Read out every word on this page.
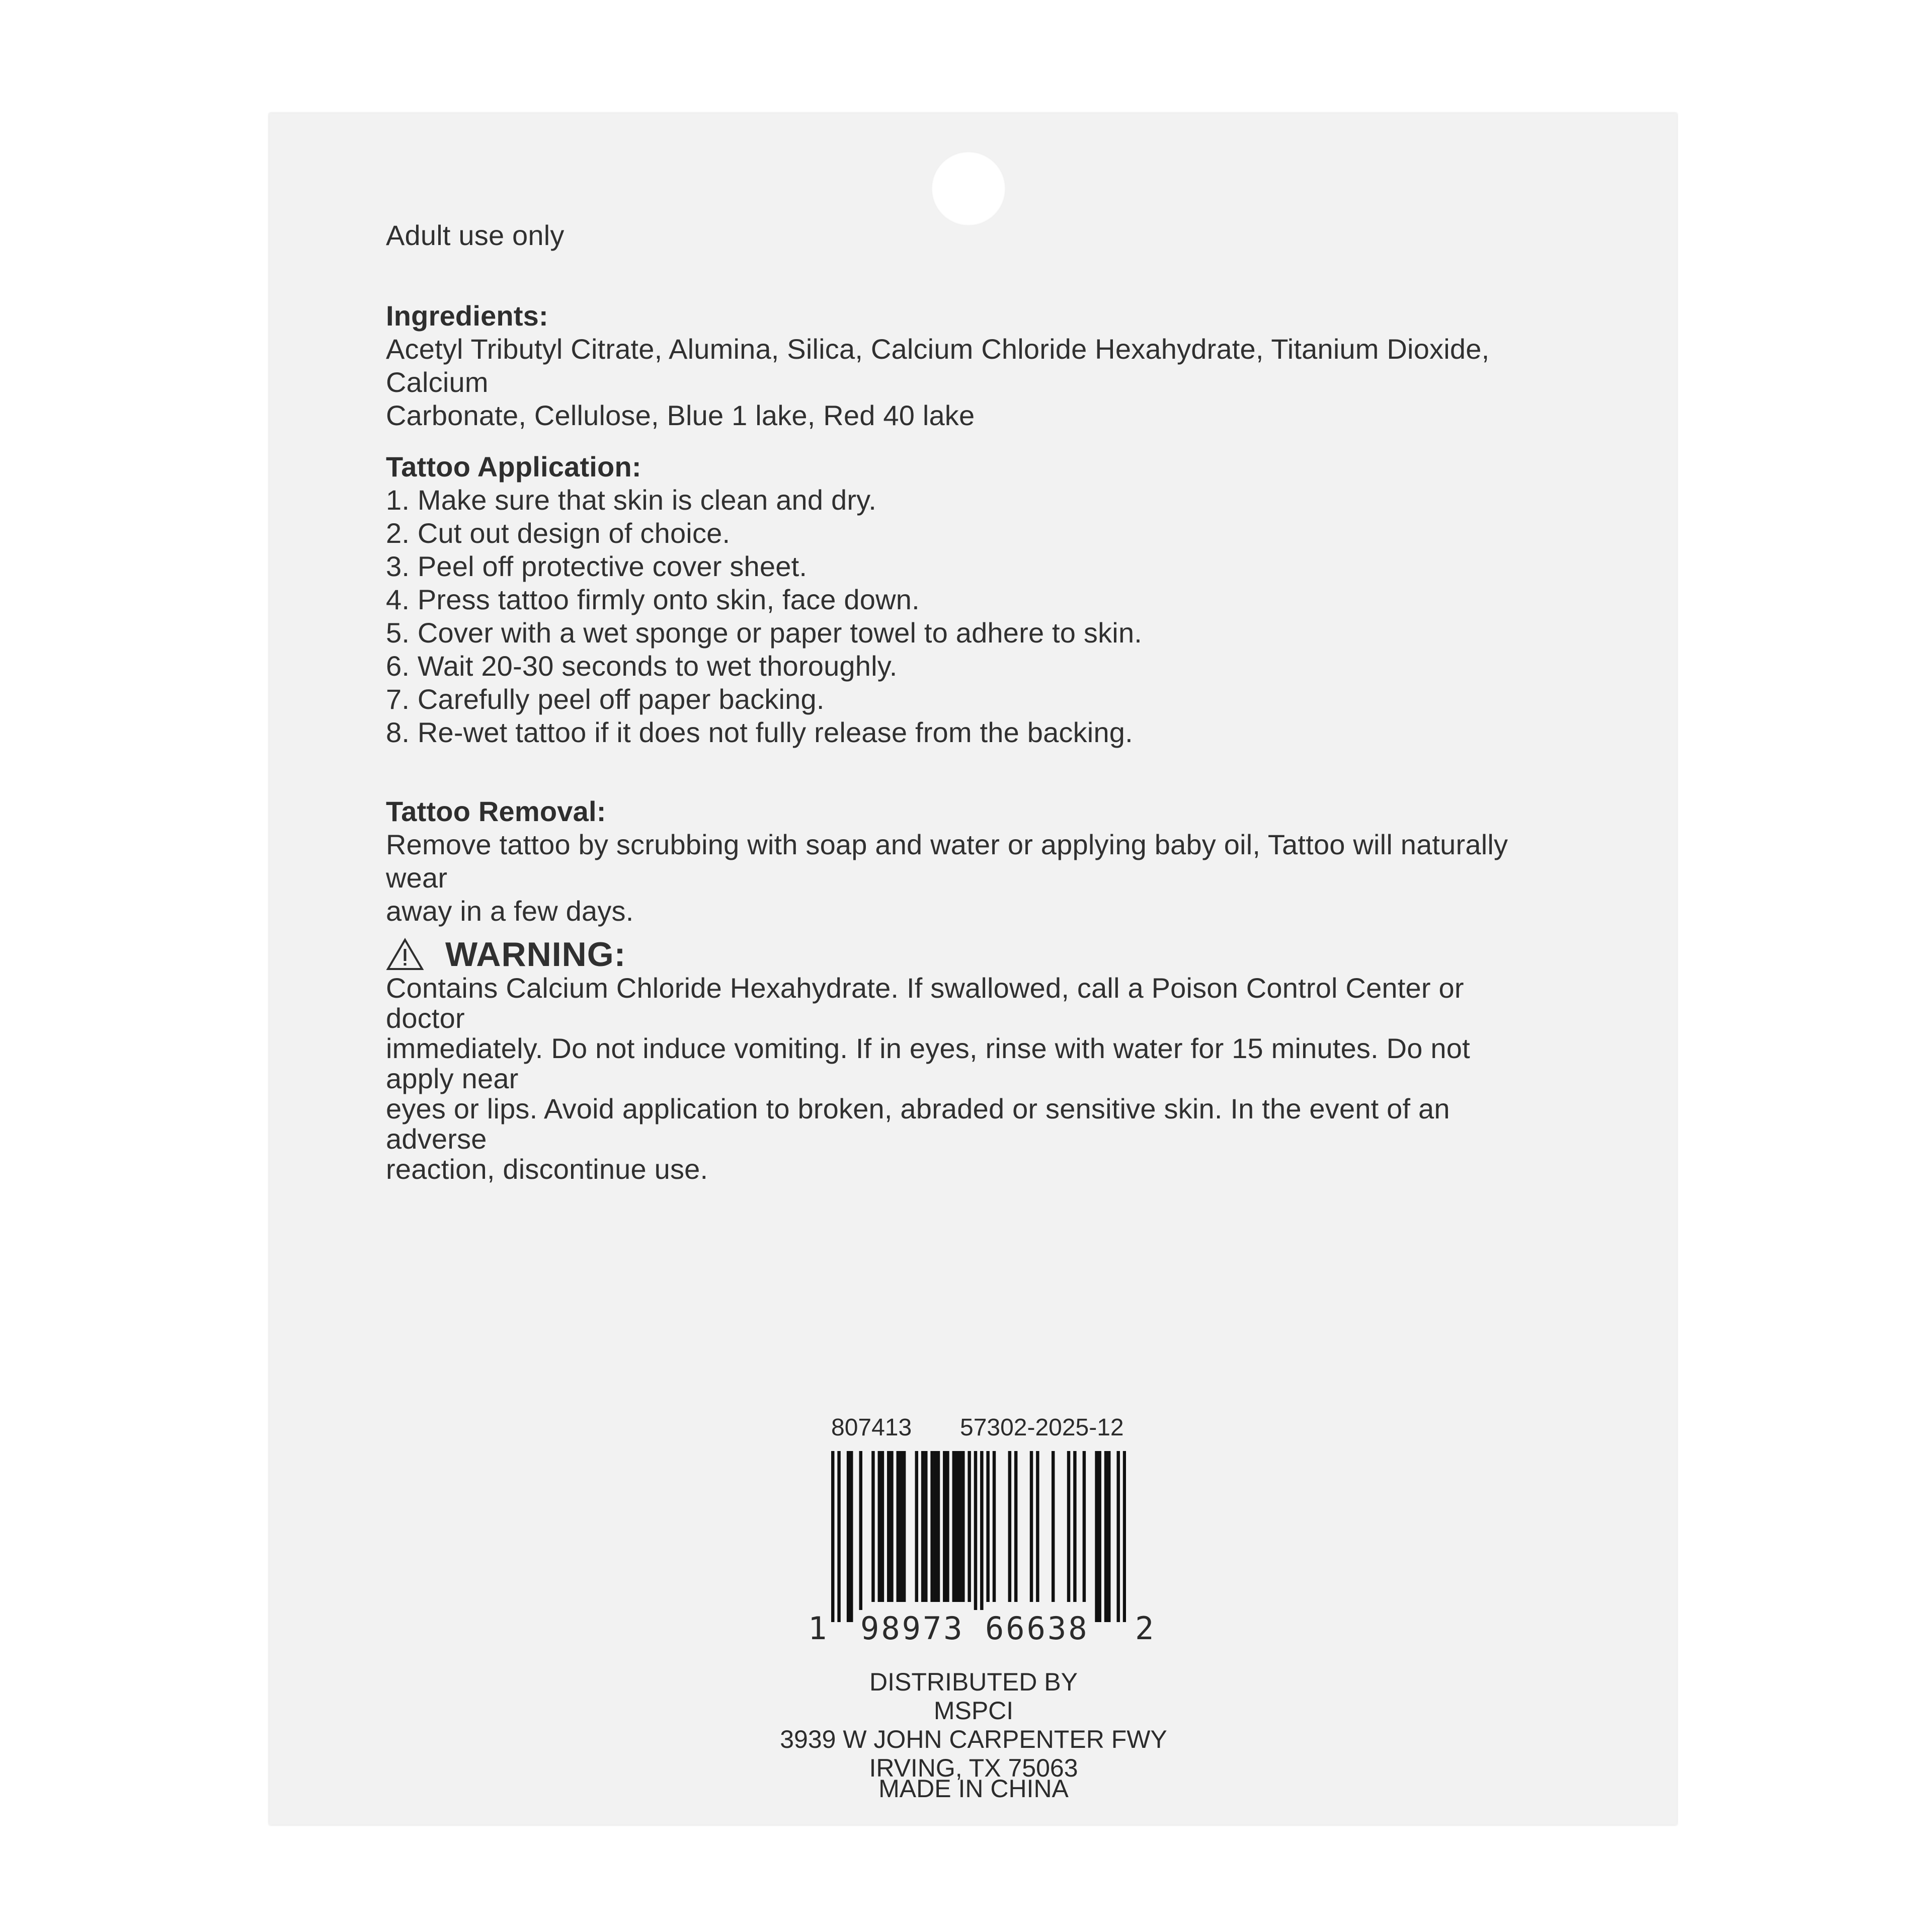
Adult use only
Ingredients:
Acetyl Tributyl Citrate, Alumina, Silica, Calcium Chloride Hexahydrate, Titanium Dioxide, Calcium
Carbonate, Cellulose, Blue 1 lake, Red 40 lake
Tattoo Application:
1. Make sure that skin is clean and dry.
2. Cut out design of choice.
3. Peel off protective cover sheet.
4. Press tattoo firmly onto skin, face down.
5. Cover with a wet sponge or paper towel to adhere to skin.
6. Wait 20-30 seconds to wet thoroughly.
7. Carefully peel off paper backing.
8. Re-wet tattoo if it does not fully release from the backing.
Tattoo Removal:
Remove tattoo by scrubbing with soap and water or applying baby oil, Tattoo will naturally wear
away in a few days.
WARNING:
Contains Calcium Chloride Hexahydrate. If swallowed, call a Poison Control Center or doctor
immediately. Do not induce vomiting. If in eyes, rinse with water for 15 minutes. Do not apply near
eyes or lips. Avoid application to broken, abraded or sensitive skin. In the event of an adverse
reaction, discontinue use.
807413 57302-2025-12
1 98973 66638 2
DISTRIBUTED BY
MSPCI
3939 W JOHN CARPENTER FWY
IRVING, TX 75063
MADE IN CHINA
